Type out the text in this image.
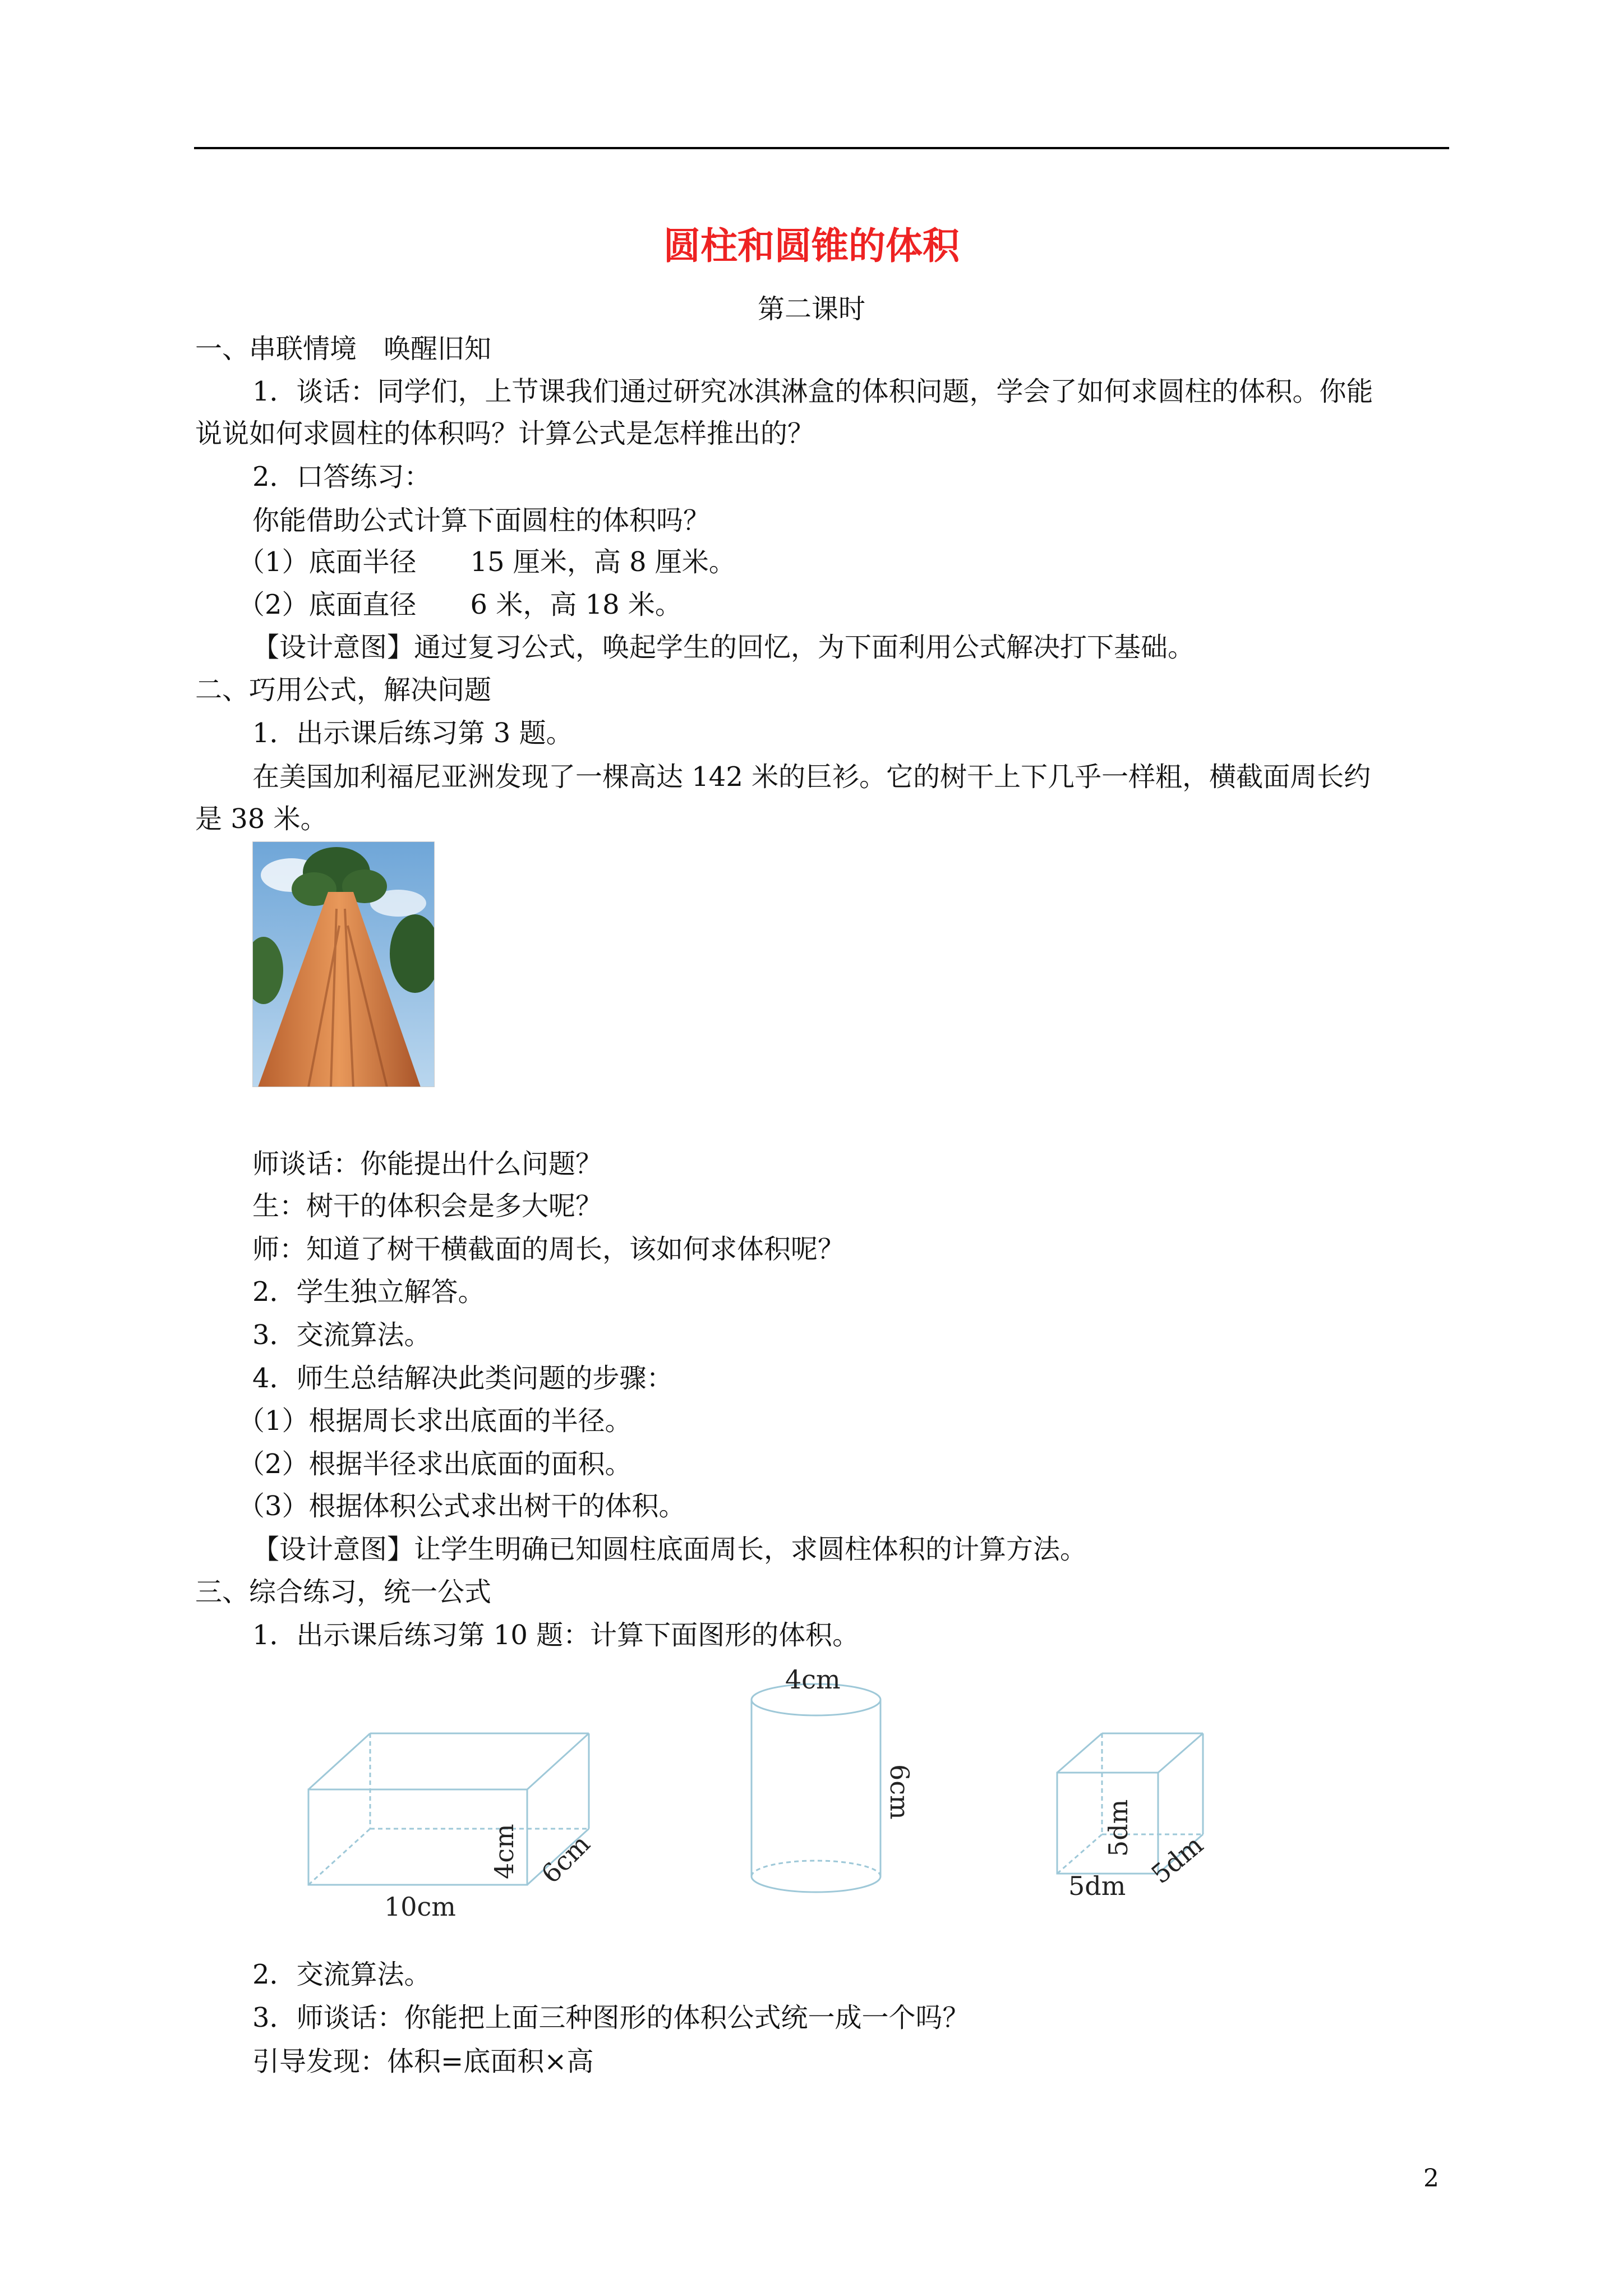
圆柱和圆锥的体积
第二课时
一、串联情境　唤醒旧知
1．谈话：同学们，上节课我们通过研究冰淇淋盒的体积问题，学会了如何求圆柱的体积。你能
说说如何求圆柱的体积吗？计算公式是怎样推出的？
2．口答练习：
你能借助公式计算下面圆柱的体积吗？
（1）底面半径　　15 厘米，高 8 厘米。
（2）底面直径　　6 米，高 18 米。
【设计意图】通过复习公式，唤起学生的回忆，为下面利用公式解决打下基础。
二、巧用公式，解决问题
1．出示课后练习第 3 题。
在美国加利福尼亚洲发现了一棵高达 142 米的巨衫。它的树干上下几乎一样粗，横截面周长约
是 38 米。
师谈话：你能提出什么问题？
生：树干的体积会是多大呢？
师：知道了树干横截面的周长，该如何求体积呢？
2．学生独立解答。
3．交流算法。
4．师生总结解决此类问题的步骤：
（1）根据周长求出底面的半径。
（2）根据半径求出底面的面积。
（3）根据体积公式求出树干的体积。
【设计意图】让学生明确已知圆柱底面周长，求圆柱体积的计算方法。
三、综合练习，统一公式
1．出示课后练习第 10 题：计算下面图形的体积。
10cm
4cm 6cm
4cm
6cm
5dm
5dm
5dm
2．交流算法。
3．师谈话：你能把上面三种图形的体积公式统一成一个吗？
引导发现：体积=底面积×高
2
